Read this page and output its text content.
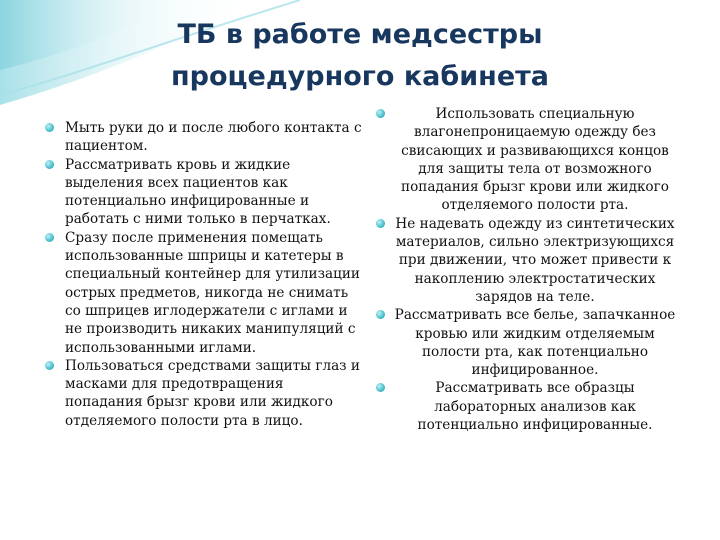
ТБ в работе медсестры
процедурного кабинета
Мыть руки до и после любого контакта с пациентом.
Рассматривать кровь и жидкие выделения всех пациентов как потенциально инфицированные и работать с ними только в перчатках.
Сразу после применения помещать использованные шприцы и катетеры в специальный контейнер для утилизации острых предметов, никогда не снимать со шприцев иглодержатели с иглами и не производить никаких манипуляций с использованными иглами.
Пользоваться средствами защиты глаз и масками для предотвращения попадания брызг крови или жидкого отделяемого полости рта в лицо.
Использовать специальную влагонепроницаемую одежду без свисающих и развивающихся концов для защиты тела от возможного попадания брызг крови или жидкого отделяемого полости рта.
Не надевать одежду из синтетических материалов, сильно электризующихся при движении, что может привести к накоплению электростатических зарядов на теле.
Рассматривать все белье, запачканное кровью или жидким отделяемым полости рта, как потенциально инфицированное.
Рассматривать все образцы лабораторных анализов как потенциально инфицированные.
